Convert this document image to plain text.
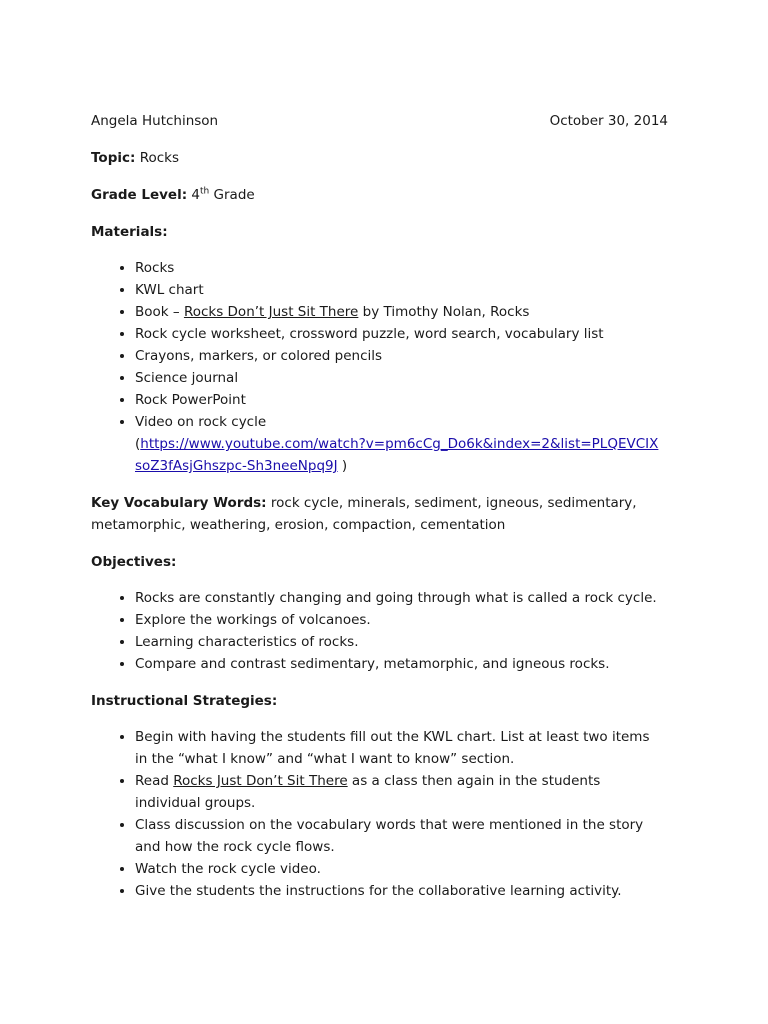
Angela Hutchinson	October 30, 2014

Topic: Rocks

Grade Level: 4th Grade

Materials:
• Rocks
• KWL chart
• Book – Rocks Don’t Just Sit There by Timothy Nolan, Rocks
• Rock cycle worksheet, crossword puzzle, word search, vocabulary list
• Crayons, markers, or colored pencils
• Science journal
• Rock PowerPoint
• Video on rock cycle
(https://www.youtube.com/watch?v=pm6cCg_Do6k&index=2&list=PLQEVCIX
soZ3fAsjGhszpc-Sh3neeNpq9J )

Key Vocabulary Words: rock cycle, minerals, sediment, igneous, sedimentary, metamorphic, weathering, erosion, compaction, cementation

Objectives:
• Rocks are constantly changing and going through what is called a rock cycle.
• Explore the workings of volcanoes.
• Learning characteristics of rocks.
• Compare and contrast sedimentary, metamorphic, and igneous rocks.
Instructional Strategies:
• Begin with having the students fill out the KWL chart. List at least two items in the “what I know” and “what I want to know” section.
• Read Rocks Just Don’t Sit There as a class then again in the students individual groups.
• Class discussion on the vocabulary words that were mentioned in the story and how the rock cycle flows.
• Watch the rock cycle video.
• Give the students the instructions for the collaborative learning activity.
